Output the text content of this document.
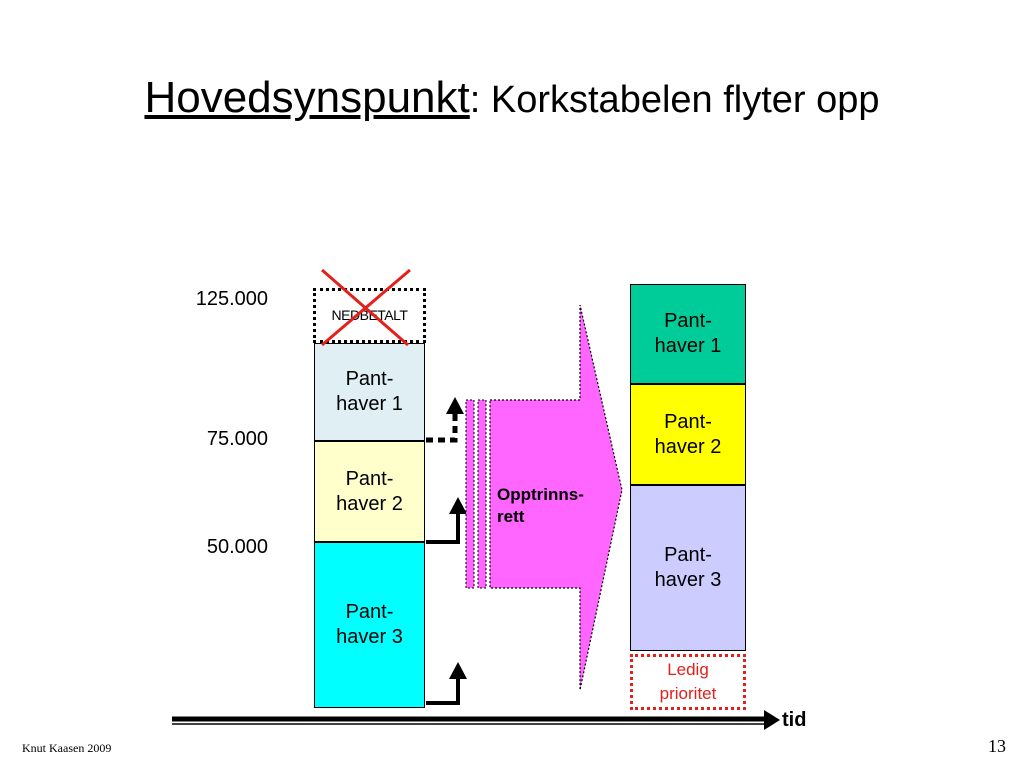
Hovedsynspunkt: Korkstabelen flyter opp
125.000
75.000
50.000
NEDBETALT
Pant-
haver 1
Pant-
haver 2
Pant-
haver 3
Pant-
haver 1
Pant-
haver 2
Pant-
haver 3
Ledig
prioritet
Opptrinns-
rett
tid
Knut Kaasen 2009	13
